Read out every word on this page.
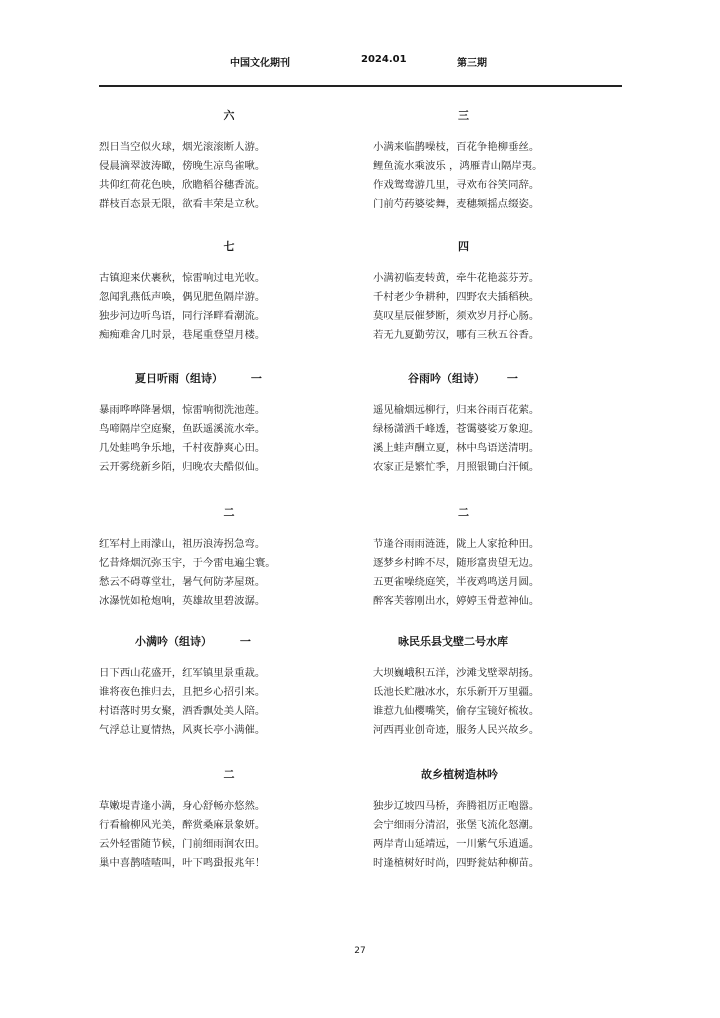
中国文化期刊	2024.01	第三期
六
烈日当空似火球，烟光滚滚断人游。
侵晨滴翠波涛瞰，傍晚生凉鸟雀啾。
共仰红荷花色映，欣瞻稻谷穗香流。
群枝百态景无限，欲看丰荣是立秋。
七
古镇迎来伏裹秋，惊雷响过电光收。
忽闻乳燕低声唤，偶见肥鱼隔岸游。
独步河边听鸟语，同行泽畔看潮流。
痴痴难舍几时景，巷尾重登望月楼。
夏日听雨（组诗）	一
暴雨哗哗降暑烟，惊雷响彻洗池莲。
鸟啼隔岸空庭聚，鱼跃遥溪流水牵。
几处蛙鸣争乐地，千村夜静爽心田。
云开雾绕新乡陌，归晚农夫酷似仙。
二
红军村上雨濛山，祖历浪涛拐急弯。
忆昔烽烟沉弥玉宇，于今雷电遍尘寰。
愁云不碍尊堂壮，暑气何防茅屋斑。
冰瀑恍如枪炮响，英雄故里碧波潺。
小满吟（组诗）	一
日下西山花盛开，红军镇里景重裁。
谁将夜色推归去，且把乡心招引来。
村语落时男女聚，酒香飘处美人陪。
气浮总让夏情热，风爽长亭小满催。
二
草嫩堤青逢小满，身心舒畅亦悠然。
行看榆柳风光美，醉赏桑麻景象妍。
云外轻雷随节候，门前细雨润农田。
巢中喜鹊喳喳叫，叶下鸣蛩报兆年！
三
小满来临鹊噪枝，百花争艳柳垂丝。
鲤鱼流水乘波乐 ，鸿雁青山隔岸夷。
作戏鸳鸯游几里，寻欢布谷笑同辞。
门前芍药婆娑舞，麦穗频摇点缀姿。
四
小满初临麦转黄，牵牛花艳蕊芬芳。
千村老少争耕种，四野农夫插稻秧。
莫叹星辰催梦断，须欢岁月抒心肠。
若无九夏勤劳汉，哪有三秋五谷香。
谷雨吟（组诗） 一
遥见榆烟远柳行，归来谷雨百花萦。
绿杨潇洒千峰透，苍霭婆娑万象迎。
溪上蛙声酬立夏，林中鸟语送清明。
农家正是繁忙季，月照银锄白汗倾。
二
节逢谷雨雨涟涟，陇上人家抢种田。
逐梦乡村眸不尽，随形富贵望无边。
五更雀噪绕庭笑，半夜鸡鸣送月圆。
醉客芙蓉刚出水，婷婷玉骨惹神仙。
咏民乐县戈壁二号水库
大坝巍峨积五洋，沙滩戈壁翠胡扬。
氐池长贮融冰水，东乐新开万里疆。
谁惹九仙樱嘴笑，偷存宝镜好梳妆。
河西再业创奇迹，服务人民兴故乡。
故乡植树造林吟
独步辽坡四马桥，奔腾祖厉正咆嚣。
会宁细雨分清沼，张堡飞流化怒潮。
两岸青山延靖远，一川紫气乐逍遥。
时逢植树好时尚，四野瓮姑种柳苗。
27
